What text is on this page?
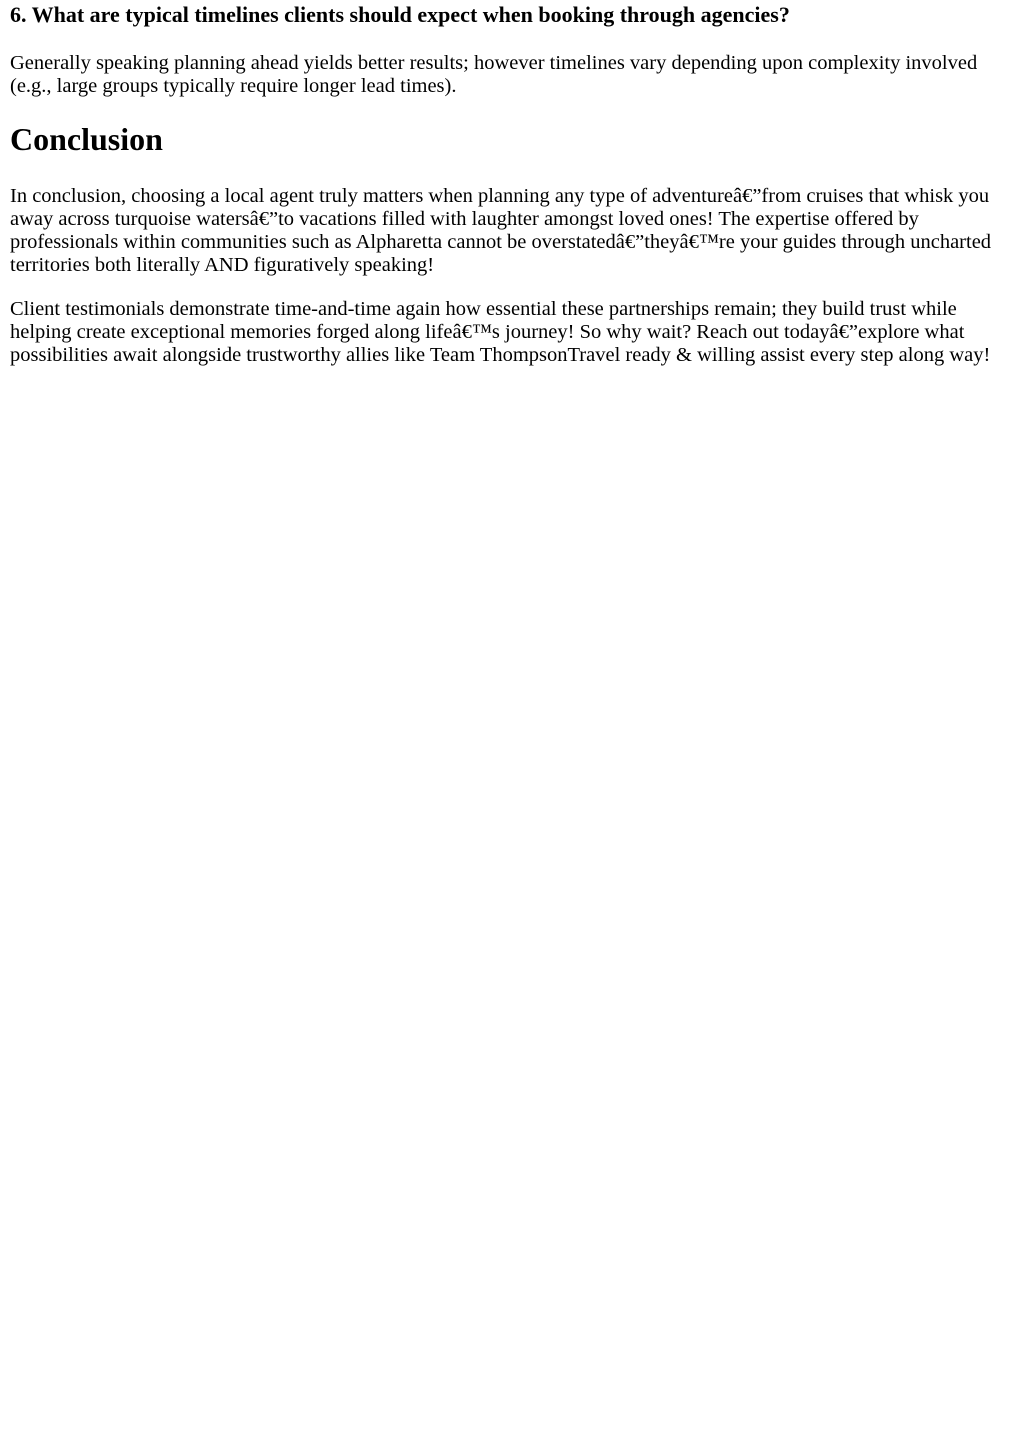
6. What are typical timelines clients should expect when booking through agencies?

Generally speaking planning ahead yields better results; however timelines vary depending upon complexity involved (e.g., large groups typically require longer lead times).

Conclusion

In conclusion, choosing a local agent truly matters when planning any type of adventureâ€”from cruises that whisk you away across turquoise watersâ€”to vacations filled with laughter amongst loved ones! The expertise offered by professionals within communities such as Alpharetta cannot be overstatedâ€”theyâ€™re your guides through uncharted territories both literally AND figuratively speaking!

Client testimonials demonstrate time-and-time again how essential these partnerships remain; they build trust while helping create exceptional memories forged along lifeâ€™s journey! So why wait? Reach out todayâ€”explore what possibilities await alongside trustworthy allies like Team ThompsonTravel ready & willing assist every step along way!
